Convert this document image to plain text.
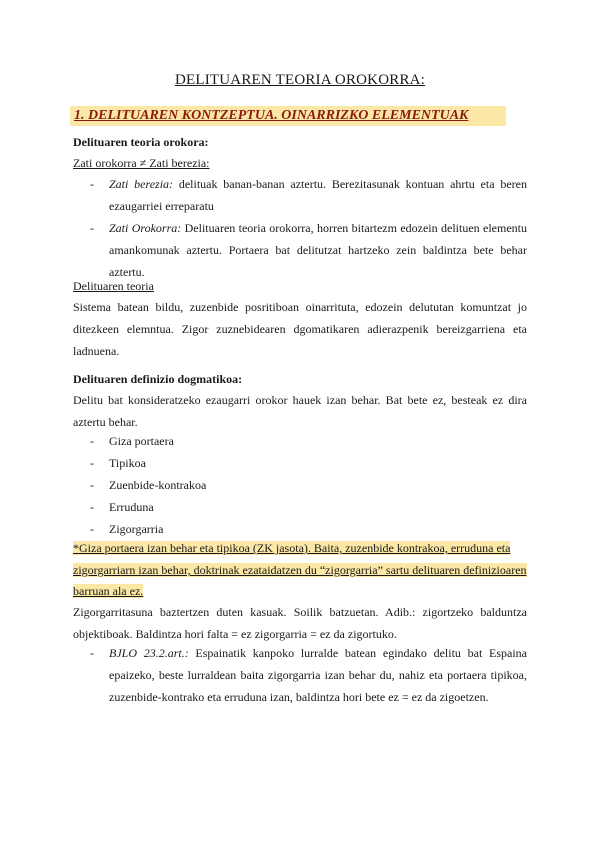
DELITUAREN TEORIA OROKORRA:
1. DELITUAREN KONTZEPTUA. OINARRIZKO ELEMENTUAK
Delituaren teoria orokora:
Zati orokorra ≠ Zati berezia:
- Zati berezia: delituak banan-banan aztertu. Berezitasunak kontuan ahrtu eta beren ezaugarriei erreparatu
- Zati Orokorra: Delituaren teoria orokorra, horren bitartezm edozein delituen elementu amankomunak aztertu. Portaera bat delitutzat hartzeko zein baldintza bete behar aztertu.
Delituaren teoria
Sistema batean bildu, zuzenbide posritiboan oinarrituta, edozein delututan komuntzat jo ditezkeen elemntua. Zigor zuznebidearen dgomatikaren adierazpenik bereizgarriena eta ladnuena.
Delituaren definizio dogmatikoa:
Delitu bat konsideratzeko ezaugarri orokor hauek izan behar. Bat bete ez, besteak ez dira aztertu behar.
- Giza portaera
- Tipikoa
- Zuenbide-kontrakoa
- Erruduna
- Zigorgarria
*Giza portaera izan behar eta tipikoa (ZK jasota). Baita, zuzenbide kontrakoa, erruduna eta
zigorgarriarn izan behar, doktrinak ezataidatzen du “zigorgarria” sartu delituaren definizioaren
barruan ala ez.
Zigorgarritasuna baztertzen duten kasuak. Soilik batzuetan. Adib.: zigortzeko balduntza objektiboak. Baldintza hori falta = ez zigorgarria = ez da zigortuko.
- BJLO 23.2.art.: Espainatik kanpoko lurralde batean egindako delitu bat Espaina epaizeko, beste lurraldean baita zigorgarria izan behar du, nahiz eta portaera tipikoa, zuzenbide-kontrako eta erruduna izan, baldintza hori bete ez = ez da zigoetzen.
